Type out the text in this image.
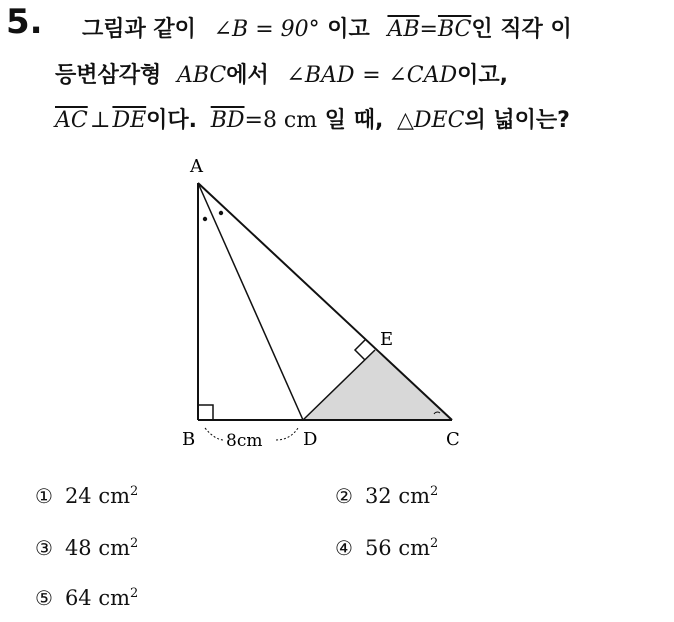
5. 그림과 같이 ∠B = 90° 이고 $\overline{AB}=\overline{BC}$인 직각 이
등변삼각형 ABC에서 ∠BAD = ∠CAD이고,
$\overline{AC}\perp\overline{DE}$이다. $\overline{BD}=8$ cm 일 때, △DEC의 넓이는?
A
B	C
D
E
8cm
① 24 $cm^2$	② 32 $cm^2$
③ 48 $cm^2$	④ 56 $cm^2$
⑤ 64 $cm^2$
